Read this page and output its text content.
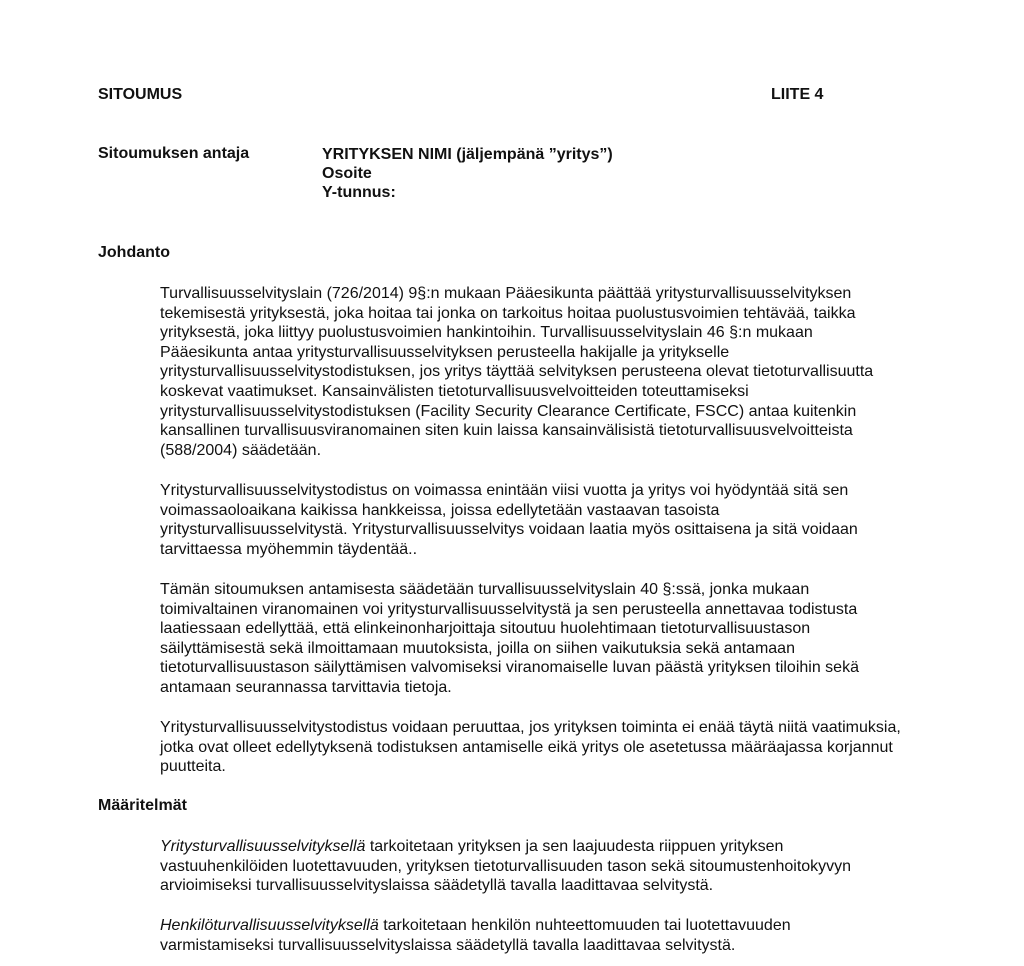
SITOUMUS	LIITE 4
Sitoumuksen antaja	YRITYKSEN NIMI (jäljempänä ”yritys”)
Osoite
Y-tunnus:
Johdanto
Turvallisuusselvityslain (726/2014) 9§:n mukaan Pääesikunta päättää yritysturvallisuusselvityksen
tekemisestä yrityksestä, joka hoitaa tai jonka on tarkoitus hoitaa puolustusvoimien tehtävää, taikka
yrityksestä, joka liittyy puolustusvoimien hankintoihin. Turvallisuusselvityslain 46 §:n mukaan
Pääesikunta antaa yritysturvallisuusselvityksen perusteella hakijalle ja yritykselle
yritysturvallisuusselvitystodistuksen, jos yritys täyttää selvityksen perusteena olevat tietoturvallisuutta
koskevat vaatimukset. Kansainvälisten tietoturvallisuusvelvoitteiden toteuttamiseksi
yritysturvallisuusselvitystodistuksen (Facility Security Clearance Certificate, FSCC) antaa kuitenkin
kansallinen turvallisuusviranomainen siten kuin laissa kansainvälisistä tietoturvallisuusvelvoitteista
(588/2004) säädetään.
Yritysturvallisuusselvitystodistus on voimassa enintään viisi vuotta ja yritys voi hyödyntää sitä sen
voimassaoloaikana kaikissa hankkeissa, joissa edellytetään vastaavan tasoista
yritysturvallisuusselvitystä. Yritysturvallisuusselvitys voidaan laatia myös osittaisena ja sitä voidaan
tarvittaessa myöhemmin täydentää..
Tämän sitoumuksen antamisesta säädetään turvallisuusselvityslain 40 §:ssä, jonka mukaan
toimivaltainen viranomainen voi yritysturvallisuusselvitystä ja sen perusteella annettavaa todistusta
laatiessaan edellyttää, että elinkeinonharjoittaja sitoutuu huolehtimaan tietoturvallisuustason
säilyttämisestä sekä ilmoittamaan muutoksista, joilla on siihen vaikutuksia sekä antamaan
tietoturvallisuustason säilyttämisen valvomiseksi viranomaiselle luvan päästä yrityksen tiloihin sekä
antamaan seurannassa tarvittavia tietoja.
Yritysturvallisuusselvitystodistus voidaan peruuttaa, jos yrityksen toiminta ei enää täytä niitä vaatimuksia,
jotka ovat olleet edellytyksenä todistuksen antamiselle eikä yritys ole asetetussa määräajassa korjannut
puutteita.
Määritelmät
Yritysturvallisuusselvityksellä tarkoitetaan yrityksen ja sen laajuudesta riippuen yrityksen
vastuuhenkilöiden luotettavuuden, yrityksen tietoturvallisuuden tason sekä sitoumustenhoitokyvyn
arvioimiseksi turvallisuusselvityslaissa säädetyllä tavalla laadittavaa selvitystä.
Henkilöturvallisuusselvityksellä tarkoitetaan henkilön nuhteettomuuden tai luotettavuuden
varmistamiseksi turvallisuusselvityslaissa säädetyllä tavalla laadittavaa selvitystä.
